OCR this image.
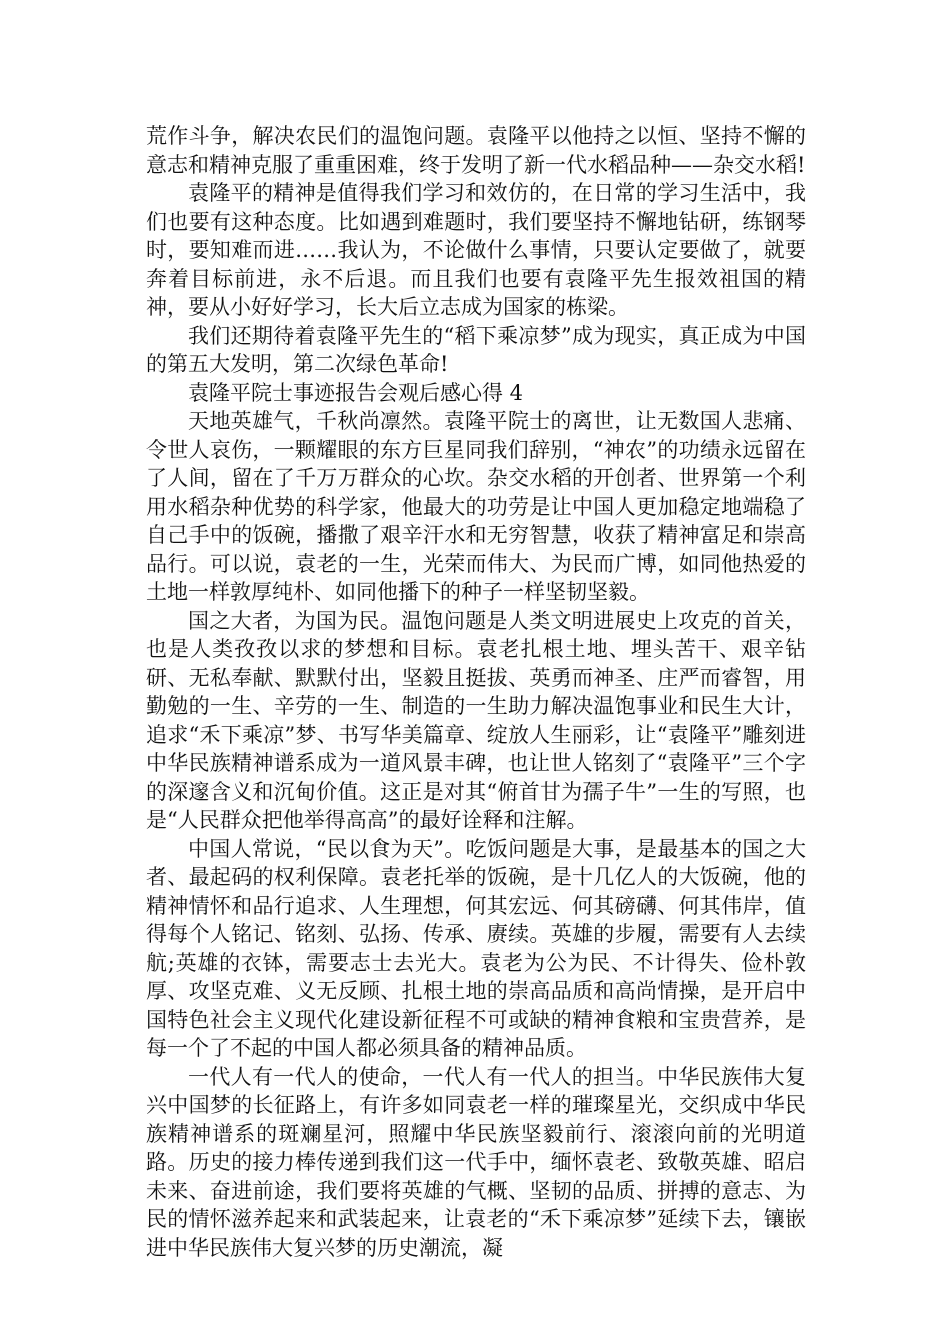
荒作斗争，解决农民们的温饱问题。袁隆平以他持之以恒、坚持不懈的意志和精神克服了重重困难，终于发明了新一代水稻品种——杂交水稻!

袁隆平的精神是值得我们学习和效仿的，在日常的学习生活中，我们也要有这种态度。比如遇到难题时，我们要坚持不懈地钻研，练钢琴时，要知难而进……我认为，不论做什么事情，只要认定要做了，就要奔着目标前进，永不后退。而且我们也要有袁隆平先生报效祖国的精神，要从小好好学习，长大后立志成为国家的栋梁。

我们还期待着袁隆平先生的“稻下乘凉梦”成为现实，真正成为中国的第五大发明，第二次绿色革命!

袁隆平院士事迹报告会观后感心得 4

天地英雄气，千秋尚凛然。袁隆平院士的离世，让无数国人悲痛、令世人哀伤，一颗耀眼的东方巨星同我们辞别，“神农”的功绩永远留在了人间，留在了千万万群众的心坎。杂交水稻的开创者、世界第一个利用水稻杂种优势的科学家，他最大的功劳是让中国人更加稳定地端稳了自己手中的饭碗，播撒了艰辛汗水和无穷智慧，收获了精神富足和崇高品行。可以说，袁老的一生，光荣而伟大、为民而广博，如同他热爱的土地一样敦厚纯朴、如同他播下的种子一样坚韧坚毅。

国之大者，为国为民。温饱问题是人类文明进展史上攻克的首关，也是人类孜孜以求的梦想和目标。袁老扎根土地、埋头苦干、艰辛钻研、无私奉献、默默付出，坚毅且挺拔、英勇而神圣、庄严而睿智，用勤勉的一生、辛劳的一生、制造的一生助力解决温饱事业和民生大计，追求“禾下乘凉”梦、书写华美篇章、绽放人生丽彩，让“袁隆平”雕刻进中华民族精神谱系成为一道风景丰碑，也让世人铭刻了“袁隆平”三个字的深邃含义和沉甸价值。这正是对其“俯首甘为孺子牛”一生的写照，也是“人民群众把他举得高高”的最好诠释和注解。

中国人常说，“民以食为天”。吃饭问题是大事，是最基本的国之大者、最起码的权利保障。袁老托举的饭碗，是十几亿人的大饭碗，他的精神情怀和品行追求、人生理想，何其宏远、何其磅礴、何其伟岸，值得每个人铭记、铭刻、弘扬、传承、赓续。英雄的步履，需要有人去续航;英雄的衣钵，需要志士去光大。袁老为公为民、不计得失、俭朴敦厚、攻坚克难、义无反顾、扎根土地的崇高品质和高尚情操，是开启中国特色社会主义现代化建设新征程不可或缺的精神食粮和宝贵营养，是每一个了不起的中国人都必须具备的精神品质。

一代人有一代人的使命，一代人有一代人的担当。中华民族伟大复兴中国梦的长征路上，有许多如同袁老一样的璀璨星光，交织成中华民族精神谱系的斑斓星河，照耀中华民族坚毅前行、滚滚向前的光明道路。历史的接力棒传递到我们这一代手中，缅怀袁老、致敬英雄、昭启未来、奋进前途，我们要将英雄的气概、坚韧的品质、拼搏的意志、为民的情怀滋养起来和武装起来，让袁老的“禾下乘凉梦”延续下去，镶嵌进中华民族伟大复兴梦的历史潮流，凝
